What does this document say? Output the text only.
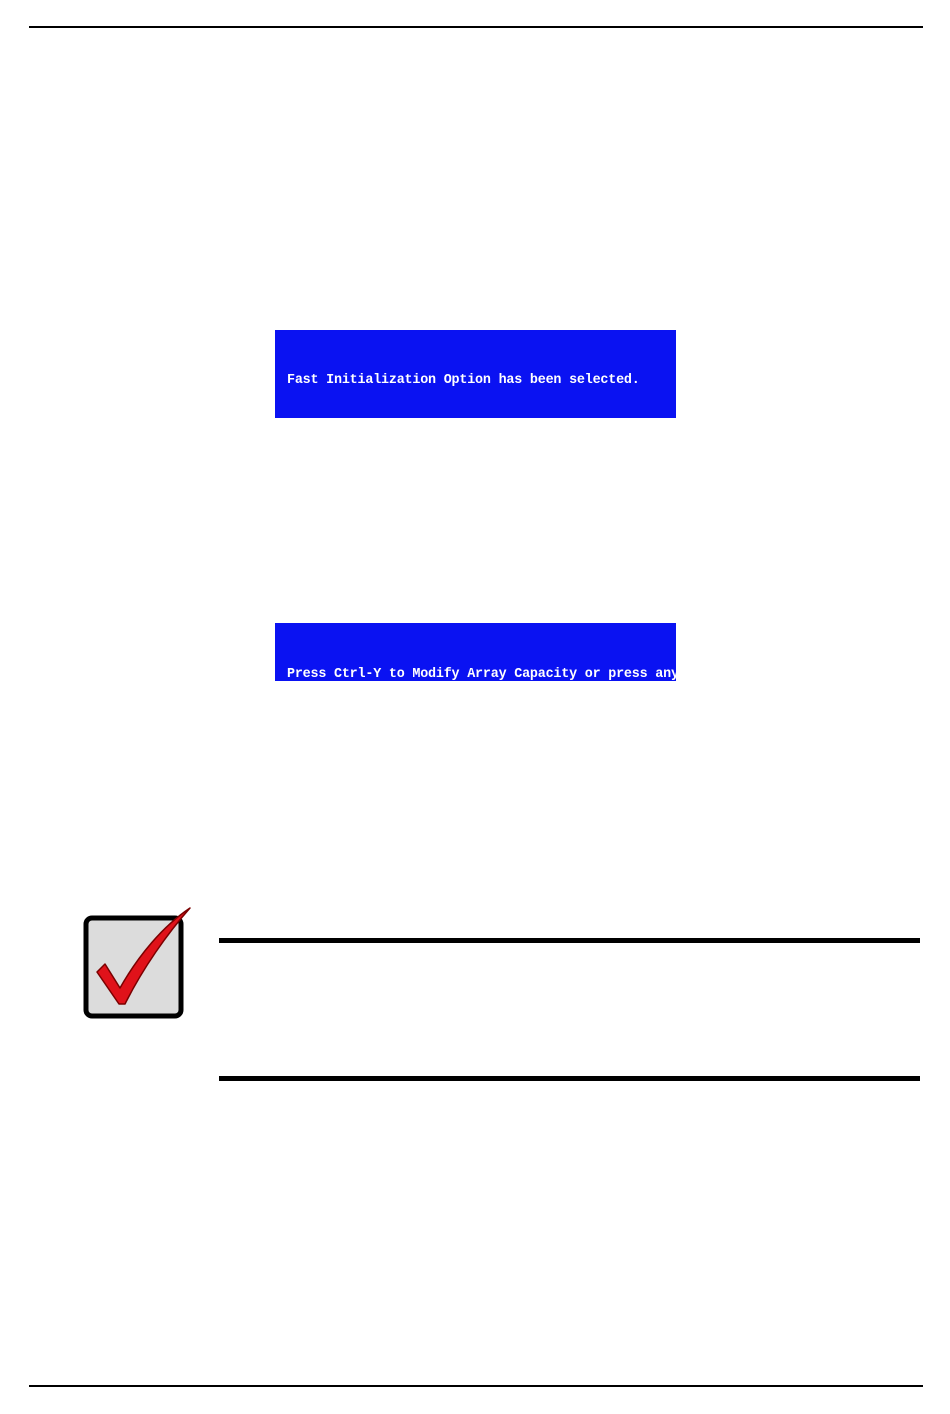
Fast Initialization Option has been selected.

It will erase the MBR data of the disks.

<Press Ctrl-Y Key if youi are sure to erase it>

<Press any other key to ignore this option>

Press Ctrl-Y to Modify Array Capacity or press any

other key to use maximum capacity...
